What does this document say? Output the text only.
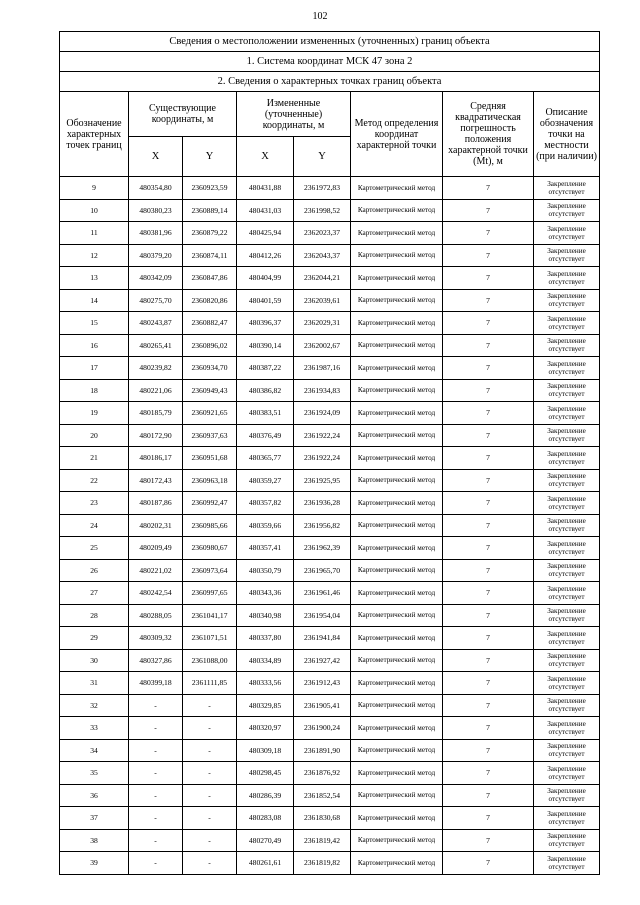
102
Сведения о местоположении измененных (уточненных) границ объекта							
1. Система координат МСК 47 зона 2							
2. Сведения о характерных точках границ объекта							

Обозначение характерных точек границ	Существующие координаты, м		Измененные (уточненные) координаты, м		Метод определения координат характерной точки	Средняя квадратическая погрешность положения характерной точки (Mt), м	Описание обозначения точки на местности (при наличии)

	X	Y	X	Y			
9	480354,80	2360923,59	480431,88	2361972,83	Картометрический метод	7	Закрепление отсутствует
10	480380,23	2360889,14	480431,03	2361998,52	Картометрический метод	7	Закрепление отсутствует
11	480381,96	2360879,22	480425,94	2362023,37	Картометрический метод	7	Закрепление отсутствует
12	480379,20	2360874,11	480412,26	2362043,37	Картометрический метод	7	Закрепление отсутствует
13	480342,09	2360847,86	480404,99	2362044,21	Картометрический метод	7	Закрепление отсутствует
14	480275,70	2360820,86	480401,59	2362039,61	Картометрический метод	7	Закрепление отсутствует
15	480243,87	2360882,47	480396,37	2362029,31	Картометрический метод	7	Закрепление отсутствует
16	480265,41	2360896,02	480390,14	2362002,67	Картометрический метод	7	Закрепление отсутствует
17	480239,82	2360934,70	480387,22	2361987,16	Картометрический метод	7	Закрепление отсутствует
18	480221,06	2360949,43	480386,82	2361934,83	Картометрический метод	7	Закрепление отсутствует
19	480185,79	2360921,65	480383,51	2361924,09	Картометрический метод	7	Закрепление отсутствует
20	480172,90	2360937,63	480376,49	2361922,24	Картометрический метод	7	Закрепление отсутствует
21	480186,17	2360951,68	480365,77	2361922,24	Картометрический метод	7	Закрепление отсутствует
22	480172,43	2360963,18	480359,27	2361925,95	Картометрический метод	7	Закрепление отсутствует
23	480187,86	2360992,47	480357,82	2361936,28	Картометрический метод	7	Закрепление отсутствует
24	480202,31	2360985,66	480359,66	2361956,82	Картометрический метод	7	Закрепление отсутствует
25	480209,49	2360980,67	480357,41	2361962,39	Картометрический метод	7	Закрепление отсутствует
26	480221,02	2360973,64	480350,79	2361965,70	Картометрический метод	7	Закрепление отсутствует
27	480242,54	2360997,65	480343,36	2361961,46	Картометрический метод	7	Закрепление отсутствует
28	480288,05	2361041,17	480340,98	2361954,04	Картометрический метод	7	Закрепление отсутствует
29	480309,32	2361071,51	480337,80	2361941,84	Картометрический метод	7	Закрепление отсутствует
30	480327,86	2361088,00	480334,89	2361927,42	Картометрический метод	7	Закрепление отсутствует
31	480399,18	2361111,85	480333,56	2361912,43	Картометрический метод	7	Закрепление отсутствует
32	-	-	480329,85	2361905,41	Картометрический метод	7	Закрепление отсутствует
33	-	-	480320,97	2361900,24	Картометрический метод	7	Закрепление отсутствует
34	-	-	480309,18	2361891,90	Картометрический метод	7	Закрепление отсутствует
35	-	-	480298,45	2361876,92	Картометрический метод	7	Закрепление отсутствует
36	-	-	480286,39	2361852,54	Картометрический метод	7	Закрепление отсутствует
37	-	-	480283,08	2361830,68	Картометрический метод	7	Закрепление отсутствует
38	-	-	480270,49	2361819,42	Картометрический метод	7	Закрепление отсутствует
39	-	-	480261,61	2361819,82	Картометрический метод	7	Закрепление отсутствует
